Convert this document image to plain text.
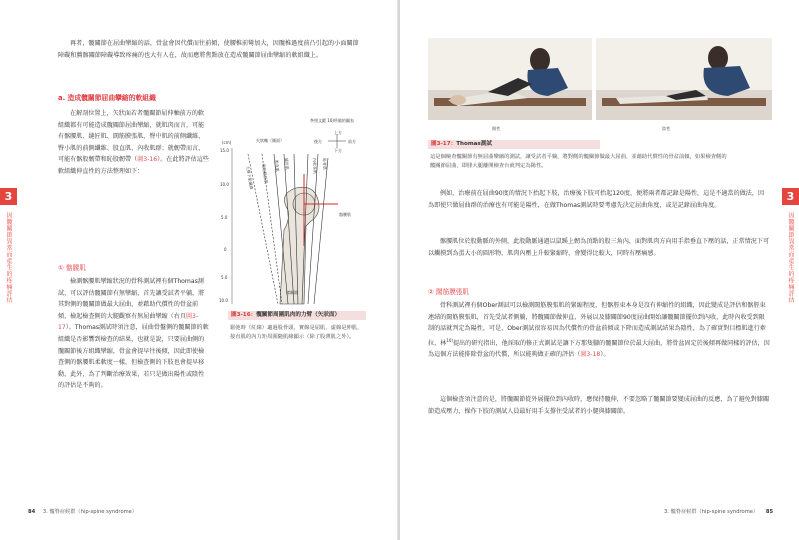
再者，髖關節在屈曲攣縮的話，骨盆會因代償而往前傾，使腰椎前彎加大，因髖椎過度前凸引起的小面關節障礙和薦髂關節障礙導致疼痛的也大有人在，故而應將焦點放在造成髖關節屈曲攣縮的軟組織上。

a. 造成髖關節屈曲攣縮的軟組織

在解剖位置上，矢狀面若者髖關節屈伸軸前方的軟組織都有可能造成髖關節屈曲攣縮，就肌肉而言，可能有髂腰肌、縫匠肌、闊筋膜張肌、臀中肌的前側纖維、臀小肌的前側纖維、股直肌、內收肌群；就韌帶而言，可能有髂股韌帶和恥股韌帶（圖3-16）。在此將評估這些軟組織伸直性的方法整理如下：

① 髂腰肌

檢測髂腰肌攣縮狀況的骨科測試裡有個Thomas測試，可以評估髖關節有無攣縮，首先讓受試者平躺，將其對側的髖關節做最大屈曲，並藉助代償性的骨盆前傾，檢起檢查側的大腿觀察有無屈曲攣縮（右頁圖3-17）。Thomas測試時須注意，屈曲骨盤側的髖關節的軟組織是否影響到檢查的結果，也就是說，只要屈曲側的髖關節後方組織攣縮，骨盆會提早往後傾，因此即使檢查側的髂腰肌柔軟度一樣，但檢查側的下肢也會提早移動，此外，為了判斷治療效果，若只是做出陽性或陰性的評估是不夠的。

參照文獻 10)所做的圖表
(cm)
15.0
10.0
5.0
0
5.0
10.0
矢狀軸（側面）
上方
後方	前方
下方
大臀下肌纖維 闊筋膜張肌 股直肌 縫匠肌	內收長肌 恥骨肌
髂腰肌
膝關節
圖3-16：髖關節周圍肌肉的力臂（矢狀面）

鬆弛時（紅線）適過股骨頭，實線是屈肌，虛線是伸肌，接直肌的內力矩周圍隨肌緣顯示（除了股薄肌之外）。

84 3. 髖脊症候群（hip-spine syndrome）
3
因髖關節異常而產生的疼痛評估
陽性	陰性
圖3-17：Thomas測試

這是個檢查髖關節有無屈曲攣縮的測試，讓受試者平躺，將對側的髖關節做最大屈曲，並藉助代償性的骨盆前傾，如果檢查側的髖關節屈曲，即腓大腿離開檢查台就判定為陽性。

例如，治療前在屈曲90度的情況下抬起下肢，治療後下肢可抬起120度，便將兩者都記錄是陽性，這是不適當的做法，因為即使只做屈曲群的治療也有可能是陽性，在做Thomas測試時要考慮先決定屈曲角度，或是記錄屈曲角度。

髂腰肌位於股動脈的外側，此股動脈通過以鼠蹊上韌為頂點的股三角內，面對肌肉方向用手指垂直下壓的話，正常情況下可以觸摸到為蛋大小的圓形物，肌肉內壓上升較緊縮時，會變得比較大，同時有壓痛感。

② 闊筋膜張肌

骨科測試裡有個Ober測試可以檢測闊筋膜張肌的緊縮程度，但髂脛束本身是沒有伸縮性的組織，因此變成是評估和髂脛束連結的闊筋膜張肌，首先受試者側躺，將髖關節做伸直、外展以及膝關節90度屈曲開始讓髖關節擺位到內收，此時內收受到限制的話就判定為陽性，可是，Ober測試很容易因為代償性的骨盆前傾或下降而造成測試結果為陰性，為了確實對目標肌進行牽拉，林$^{10)}$提出的研究指出，他採取的修正式測試是讓下方那隻腳的髖關節位於最大屈曲，將骨盆固定於後傾再做同樣的評估，因為這個方法能排除骨盆的代償，所以能夠做正確的評估（圖3-18）。

這個檢查須注意的是，將髖關節從外展擺位到內收時，應保持髖伸，不要忽略了髖關節要變成屈曲的反應，為了避免對膝關節造成壓力，操作下肢的測試人員最好用手支撐住受試者的小腿與膝關節。

3. 髖脊症候群（hip-spine syndrome） 85
3
因髖關節異常而產生的疼痛評估
